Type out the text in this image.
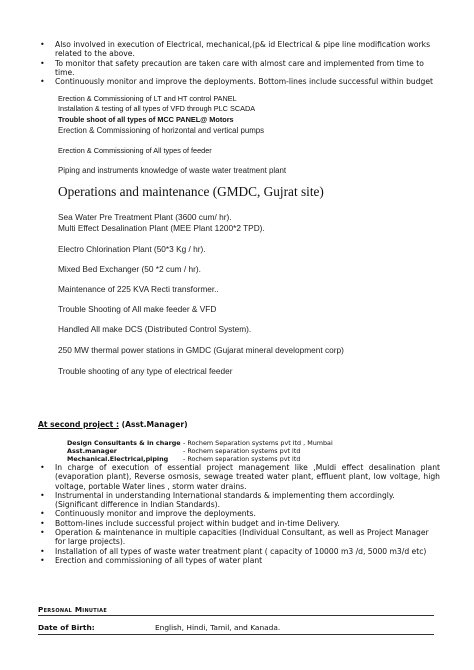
• Also involved in execution of Electrical, mechanical,(p& id Electrical & pipe line modification works related to the above.
• To monitor that safety precaution are taken care with almost care and implemented from time to time.
• Continuously monitor and improve the deployments. Bottom-lines include successful within budget
Erection & Commissioning of LT and HT control PANEL
Installation & testing of all types of VFD through PLC SCADA
Trouble shoot of all types of MCC PANEL@ Motors
Erection & Commissioning of horizontal and vertical pumps
Erection & Commissioning of All types of feeder
Piping and instruments knowledge of waste water treatment plant
Operations and maintenance (GMDC, Gujrat site)
Sea Water Pre Treatment Plant (3600 cum/ hr).
Multi Effect Desalination Plant (MEE Plant 1200*2 TPD).
Electro Chlorination Plant (50*3 Kg / hr).
Mixed Bed Exchanger (50 *2 cum / hr).
Maintenance of 225 KVA Recti transformer..
Trouble Shooting of All make feeder & VFD
Handled All make DCS (Distributed Control System).
250 MW thermal power stations in GMDC (Gujarat mineral development corp)
Trouble shooting of any type of electrical feeder
At second project : (Asst.Manager)
Design Consultants & in charge - Rochem Separation systems pvt ltd , Mumbai
Asst.manager	- Rochem separation systems pvt ltd
Mechanical.Electrical,piping - Rochem separation systems pvt ltd
• In charge of execution of essential project management like ,Muldi effect desalination plant (evaporation plant), Reverse osmosis, sewage treated water plant, effluent plant, low voltage, high voltage, portable Water lines , storm water drains.
• Instrumental in understanding International standards & implementing them accordingly. (Significant difference in Indian Standards).
• Continuously monitor and improve the deployments.
• Bottom-lines include successful project within budget and in-time Delivery.
• Operation & maintenance in multiple capacities (Individual Consultant, as well as Project Manager for large projects).
• Installation of all types of waste water treatment plant ( capacity of 10000 m3 /d, 5000 m3/d etc)
• Erection and commissioning of all types of water plant
Personal Minutiae
Date of Birth:	English, Hindi, Tamil, and Kanada.
